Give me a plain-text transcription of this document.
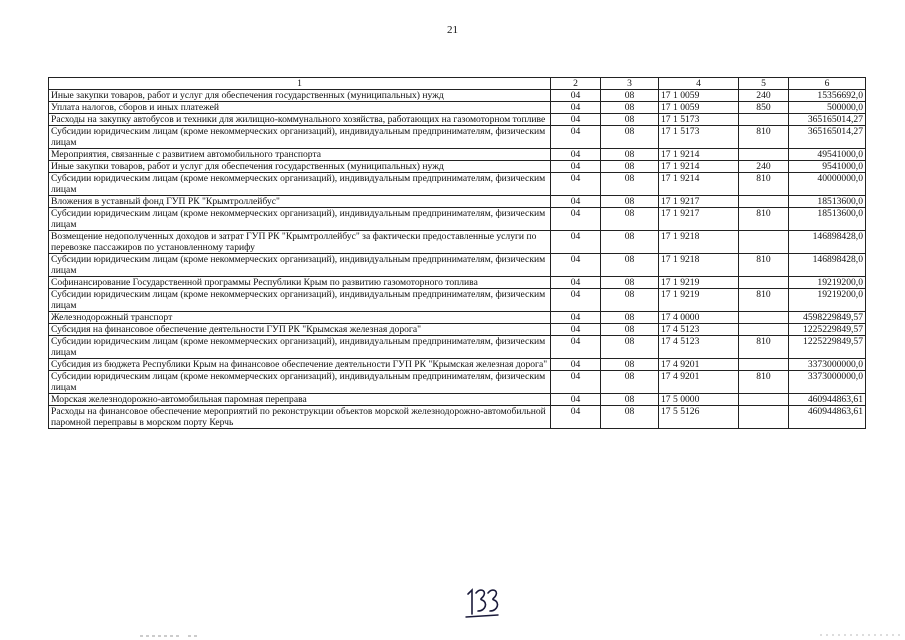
21
1	2	3	4	5	6
Иные закупки товаров, работ и услуг для обеспечения государственных (муниципальных) нужд	04	08	17 1 0059	240	15356692,0
Уплата налогов, сборов и иных платежей	04	08	17 1 0059	850	500000,0
Расходы на закупку автобусов и техники для жилищно-коммунального хозяйства, работающих на газомоторном топливе	04	08	17 1 5173		365165014,27
Субсидии юридическим лицам (кроме некоммерческих организаций), индивидуальным предпринимателям, физическим лицам	04	08	17 1 5173	810	365165014,27
Мероприятия, связанные с развитием автомобильного транспорта	04	08	17 1 9214		49541000,0
Иные закупки товаров, работ и услуг для обеспечения государственных (муниципальных) нужд	04	08	17 1 9214	240	9541000,0
Субсидии юридическим лицам (кроме некоммерческих организаций), индивидуальным предпринимателям, физическим лицам	04	08	17 1 9214	810	40000000,0
Вложения в уставный фонд ГУП РК "Крымтроллейбус"	04	08	17 1 9217		18513600,0
Субсидии юридическим лицам (кроме некоммерческих организаций), индивидуальным предпринимателям, физическим лицам	04	08	17 1 9217	810	18513600,0
Возмещение недополученных доходов и затрат ГУП РК "Крымтроллейбус" за фактически предоставленные услуги по перевозке пассажиров по установленному тарифу	04	08	17 1 9218		146898428,0
Субсидии юридическим лицам (кроме некоммерческих организаций), индивидуальным предпринимателям, физическим лицам	04	08	17 1 9218	810	146898428,0
Софинансирование Государственной программы Республики Крым по развитию газомоторного топлива	04	08	17 1 9219		19219200,0
Субсидии юридическим лицам (кроме некоммерческих организаций), индивидуальным предпринимателям, физическим лицам	04	08	17 1 9219	810	19219200,0
Железнодорожный транспорт	04	08	17 4 0000		4598229849,57
Субсидия на финансовое обеспечение деятельности ГУП РК "Крымская железная дорога"	04	08	17 4 5123		1225229849,57
Субсидии юридическим лицам (кроме некоммерческих организаций), индивидуальным предпринимателям, физическим лицам	04	08	17 4 5123	810	1225229849,57
Субсидия из бюджета Республики Крым на финансовое обеспечение деятельности ГУП РК "Крымская железная дорога"	04	08	17 4 9201		3373000000,0
Субсидии юридическим лицам (кроме некоммерческих организаций), индивидуальным предпринимателям, физическим лицам	04	08	17 4 9201	810	3373000000,0
Морская железнодорожно-автомобильная паромная переправа	04	08	17 5 0000		460944863,61
Расходы на финансовое обеспечение мероприятий по реконструкции объектов морской железнодорожно-автомобильной паромной переправы в морском порту Керчь	04	08	17 5 5126		460944863,61
